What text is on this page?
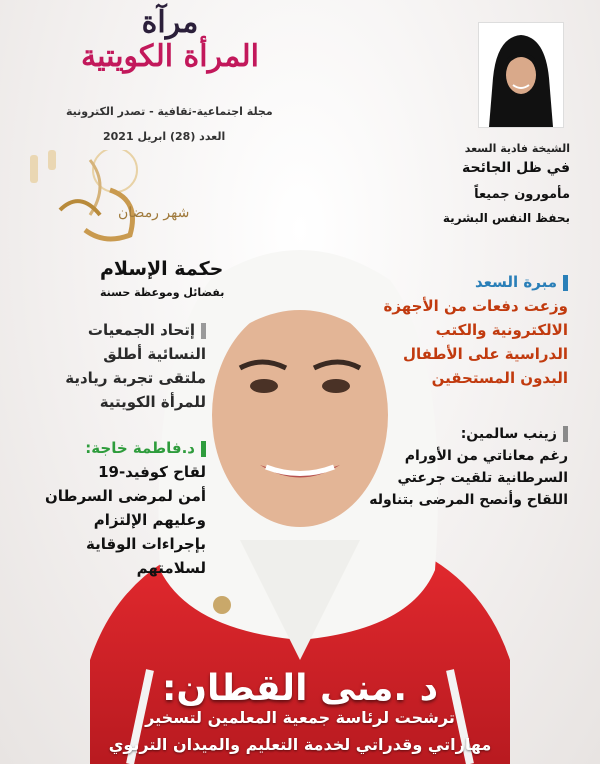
شهر رمضان
مرآة
المرأة الكويتية
مجلة اجتماعية-ثقافية - تصدر الكترونية
العدد (28) ابريل 2021
الشيخة فادية السعد
في ظل الجائحة
مأمورون جميعاً
بحفظ النفس البشرية
حكمة الإسلام
بفضائل وموعظة حسنة
إتحاد الجمعيات
النسائية أطلق
ملتقى تجربة ريادية
للمرأة الكويتية
د.فاطمة خاجة:
لقاح كوفيد-19
أمن لمرضى السرطان
وعليهم الإلتزام
بإجراءات الوقاية
لسلامتهم
مبرة السعد
وزعت دفعات من الأجهزة
الالكترونية والكتب
الدراسية على الأطفال
البدون المستحقين
زينب سالمين:
رغم معاناتي من الأورام
السرطانية تلقيت جرعتي
اللقاح وأنصح المرضى بتناوله
د .منى القطان:
ترشحت لرئاسة جمعية المعلمين لتسخير
مهاراتي وقدراتي لخدمة التعليم والميدان التربوي
